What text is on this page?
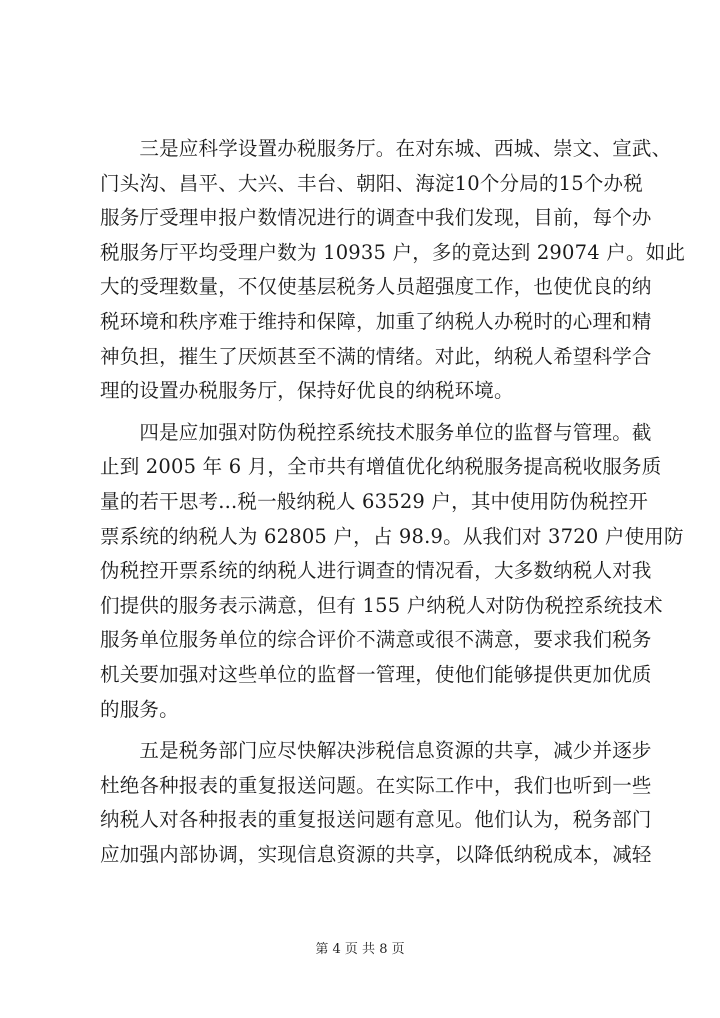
　　三是应科学设置办税服务厅。在对东城、西城、崇文、宣武、
门头沟、昌平、大兴、丰台、朝阳、海淀10个分局的15个办税
服务厅受理申报户数情况进行的调查中我们发现，目前，每个办
税服务厅平均受理户数为 10935 户，多的竟达到 29074 户。如此
大的受理数量，不仅使基层税务人员超强度工作，也使优良的纳
税环境和秩序难于维持和保障，加重了纳税人办税时的心理和精
神负担，摧生了厌烦甚至不满的情绪。对此，纳税人希望科学合
理的设置办税服务厅，保持好优良的纳税环境。
　　四是应加强对防伪税控系统技术服务单位的监督与管理。截
止到 2005 年 6 月，全市共有增值优化纳税服务提高税收服务质
量的若干思考...税一般纳税人 63529 户，其中使用防伪税控开
票系统的纳税人为 62805 户，占 98.9。从我们对 3720 户使用防
伪税控开票系统的纳税人进行调查的情况看，大多数纳税人对我
们提供的服务表示满意，但有 155 户纳税人对防伪税控系统技术
服务单位服务单位的综合评价不满意或很不满意，要求我们税务
机关要加强对这些单位的监督一管理，使他们能够提供更加优质
的服务。
　　五是税务部门应尽快解决涉税信息资源的共享，减少并逐步
杜绝各种报表的重复报送问题。在实际工作中，我们也听到一些
纳税人对各种报表的重复报送问题有意见。他们认为，税务部门
应加强内部协调，实现信息资源的共享，以降低纳税成本，减轻
第 4 页 共 8 页
